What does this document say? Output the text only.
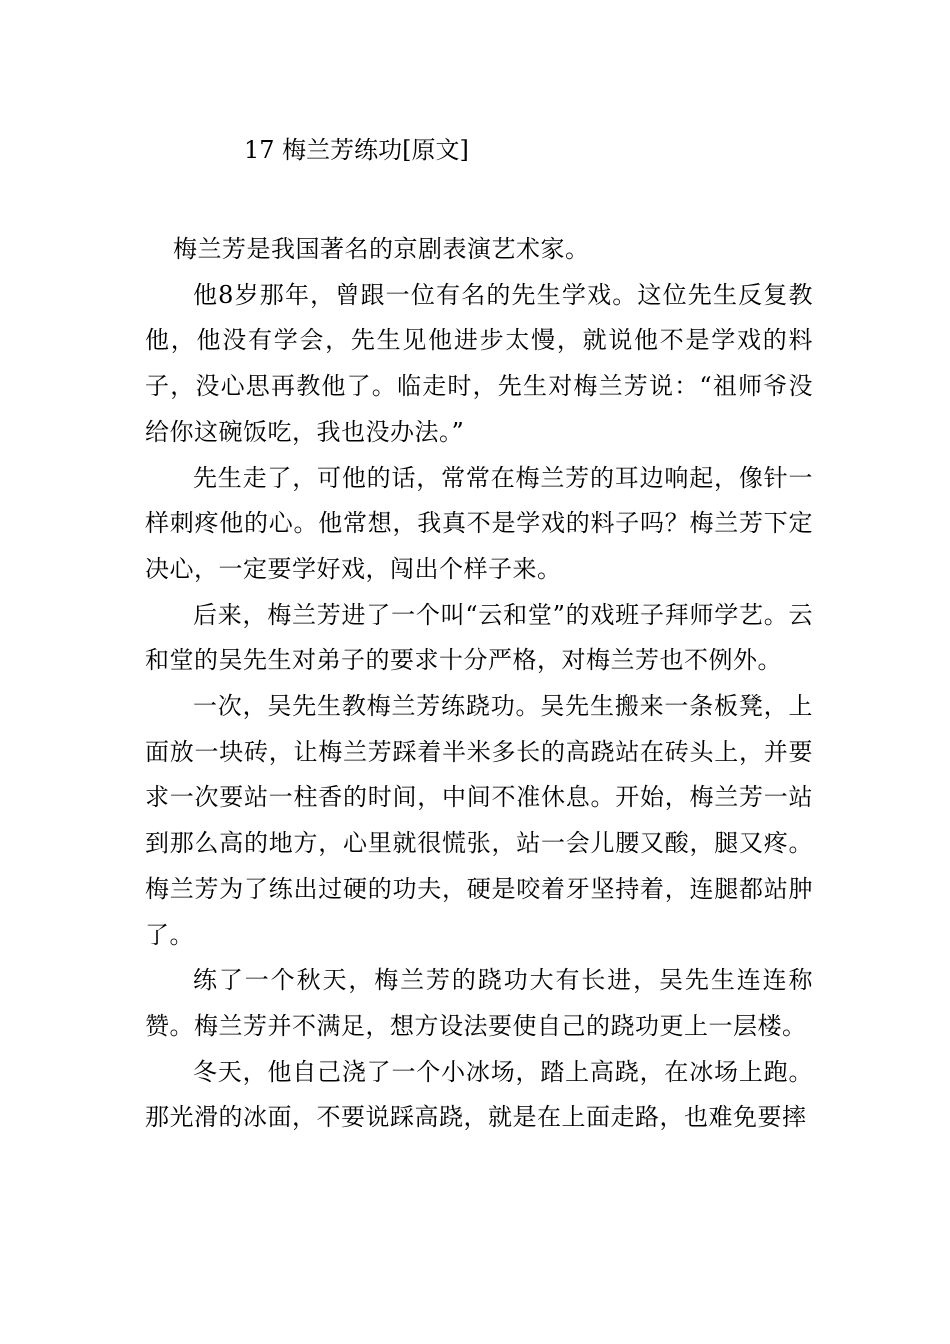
17 梅兰芳练功[原文]

梅兰芳是我国著名的京剧表演艺术家。

他8岁那年，曾跟一位有名的先生学戏。这位先生反复教他，他没有学会，先生见他进步太慢，就说他不是学戏的料子，没心思再教他了。临走时，先生对梅兰芳说：“祖师爷没给你这碗饭吃，我也没办法。”

先生走了，可他的话，常常在梅兰芳的耳边响起，像针一样刺疼他的心。他常想，我真不是学戏的料子吗？梅兰芳下定决心，一定要学好戏，闯出个样子来。

后来，梅兰芳进了一个叫“云和堂”的戏班子拜师学艺。云和堂的吴先生对弟子的要求十分严格，对梅兰芳也不例外。

一次，吴先生教梅兰芳练跷功。吴先生搬来一条板凳，上面放一块砖，让梅兰芳踩着半米多长的高跷站在砖头上，并要求一次要站一柱香的时间，中间不准休息。开始，梅兰芳一站到那么高的地方，心里就很慌张，站一会儿腰又酸，腿又疼。梅兰芳为了练出过硬的功夫，硬是咬着牙坚持着，连腿都站肿了。

练了一个秋天，梅兰芳的跷功大有长进，吴先生连连称赞。梅兰芳并不满足，想方设法要使自己的跷功更上一层楼。

冬天，他自己浇了一个小冰场，踏上高跷，在冰场上跑。那光滑的冰面，不要说踩高跷，就是在上面走路，也难免要摔
